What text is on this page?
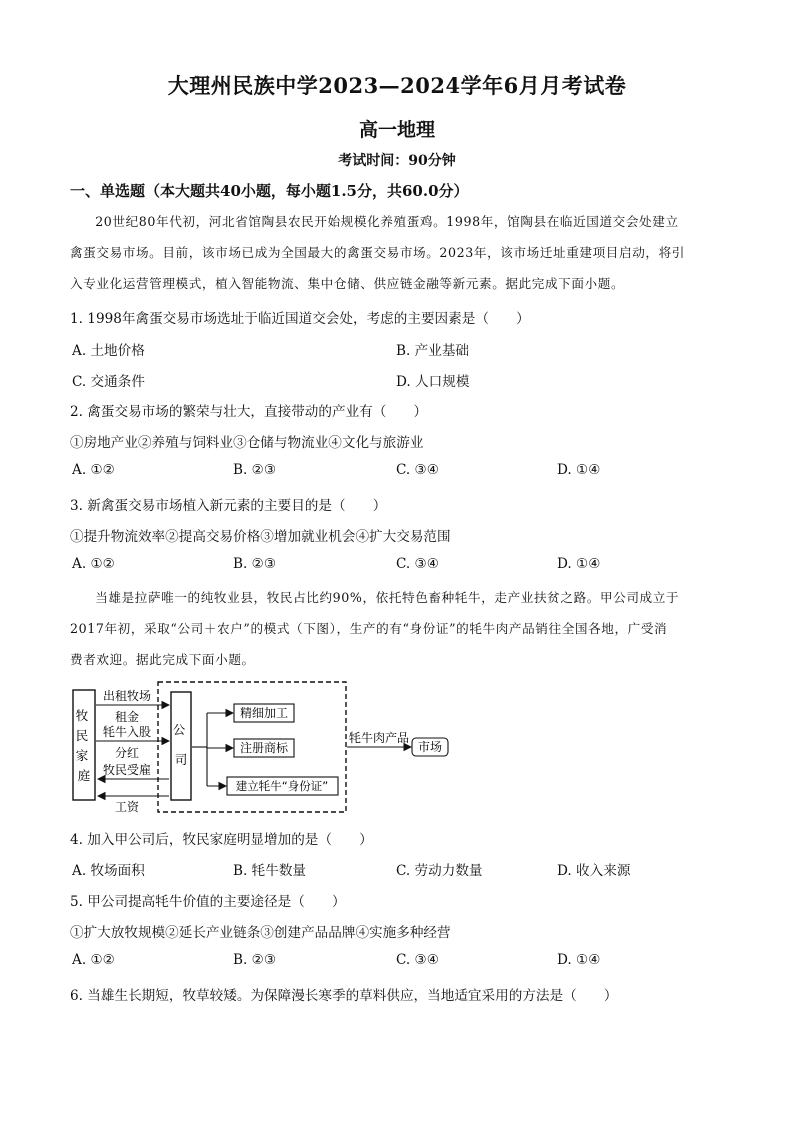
大理州民族中学2023—2024学年6月月考试卷
高一地理
考试时间：90分钟
一、单选题（本大题共40小题，每小题1.5分，共60.0分）
20世纪80年代初，河北省馆陶县农民开始规模化养殖蛋鸡。1998年，馆陶县在临近国道交会处建立
禽蛋交易市场。目前，该市场已成为全国最大的禽蛋交易市场。2023年，该市场迁址重建项目启动，将引
入专业化运营管理模式，植入智能物流、集中仓储、供应链金融等新元素。据此完成下面小题。
1. 1998年禽蛋交易市场选址于临近国道交会处，考虑的主要因素是（　　）
A. 土地价格	B. 产业基础
C. 交通条件	D. 人口规模
2. 禽蛋交易市场的繁荣与壮大，直接带动的产业有（　　）
①房地产业②养殖与饲料业③仓储与物流业④文化与旅游业
A. ①②	B. ②③	C. ③④	D. ①④
3. 新禽蛋交易市场植入新元素的主要目的是（　　）
①提升物流效率②提高交易价格③增加就业机会④扩大交易范围
A. ①②	B. ②③	C. ③④	D. ①④
当雄是拉萨唯一的纯牧业县，牧民占比约90%，依托特色畜种牦牛，走产业扶贫之路。甲公司成立于
2017年初，采取“公司＋农户”的模式（下图），生产的有“身份证”的牦牛肉产品销往全国各地，广受消
费者欢迎。据此完成下面小题。
牧 民 家 庭
公 司
出租牧场
租金
牦牛入股
分红
牧民受雇
工资
精细加工
注册商标
建立牦牛“身份证”
牦牛肉产品
市场
4. 加入甲公司后，牧民家庭明显增加的是（　　）
A. 牧场面积	B. 牦牛数量	C. 劳动力数量	D. 收入来源
5. 甲公司提高牦牛价值的主要途径是（　　）
①扩大放牧规模②延长产业链条③创建产品品牌④实施多种经营
A. ①②	B. ②③	C. ③④	D. ①④
6. 当雄生长期短，牧草较矮。为保障漫长寒季的草料供应，当地适宜采用的方法是（　　）
